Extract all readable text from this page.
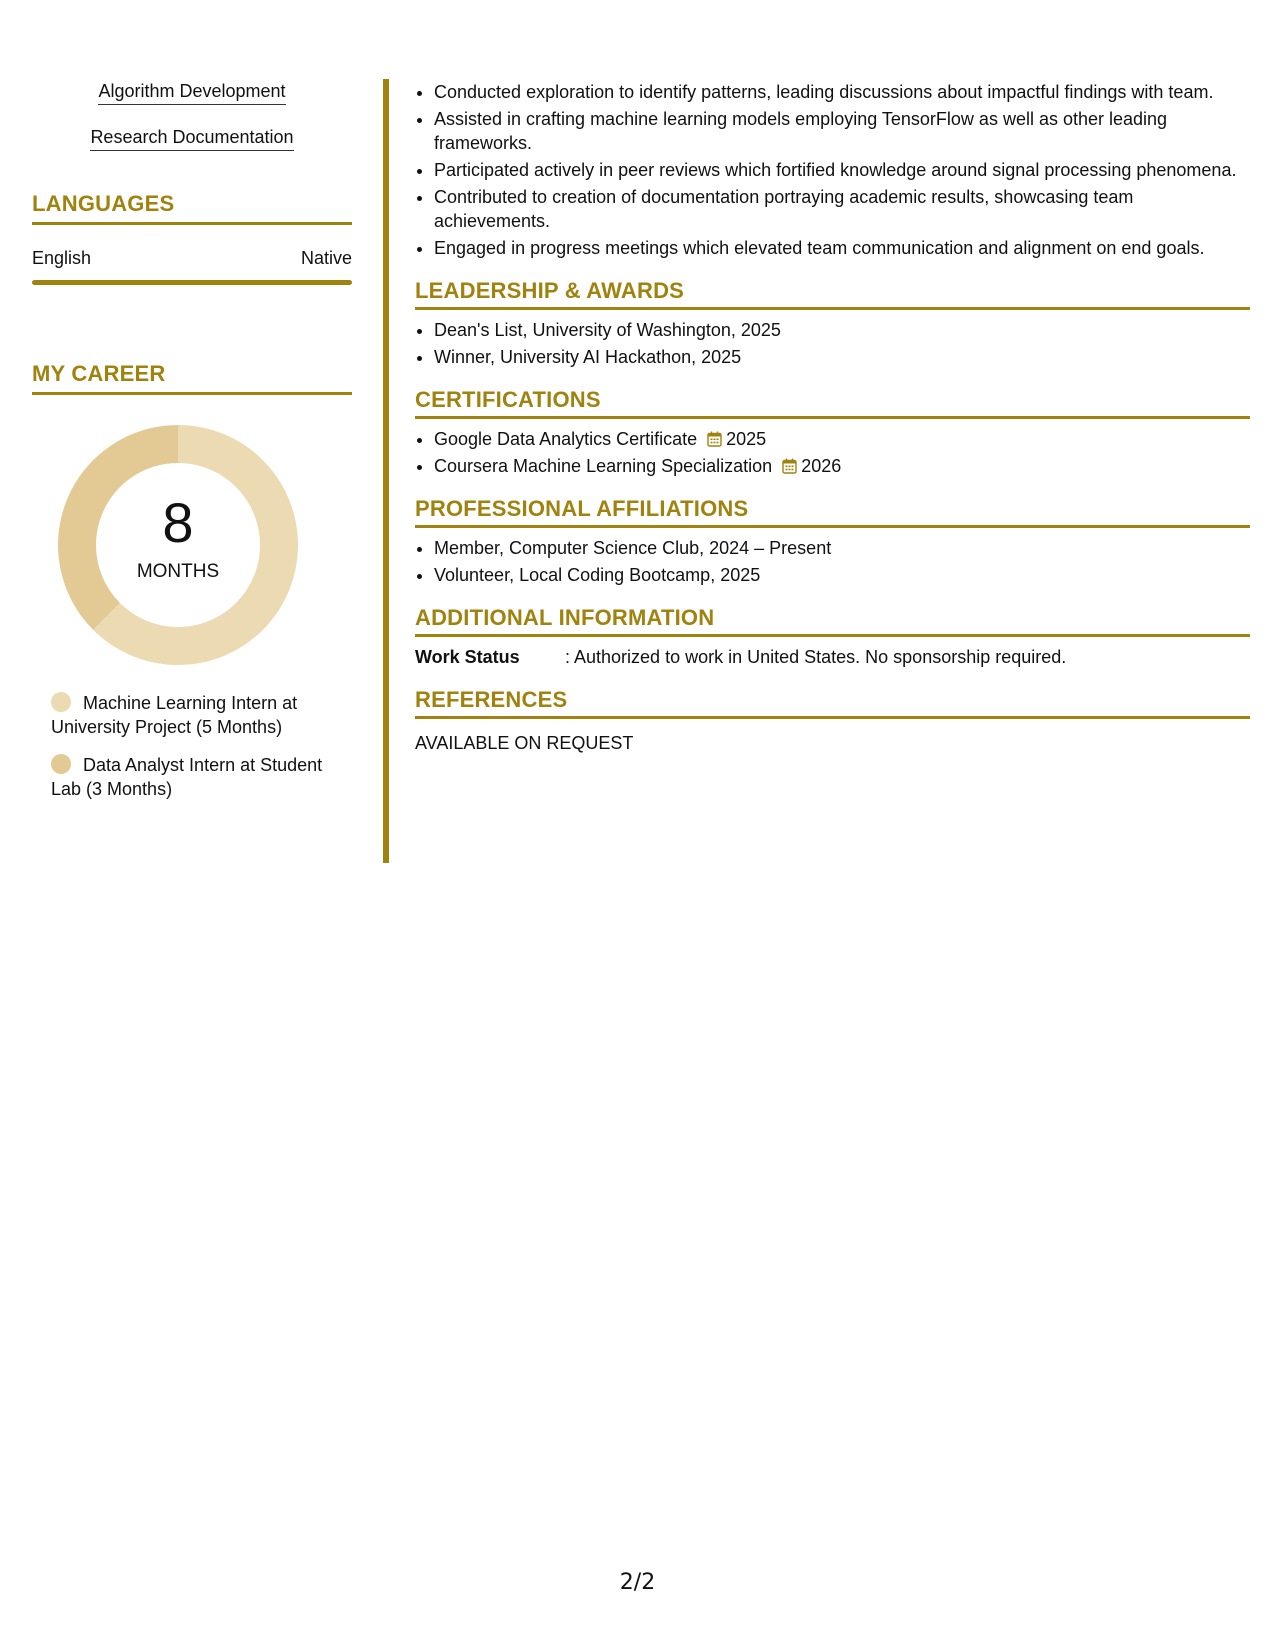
Algorithm Development
Research Documentation
LANGUAGES
English	Native
MY CAREER
8
MONTHS
Machine Learning Intern at University Project (5 Months)
Data Analyst Intern at Student Lab (3 Months)
• Conducted exploration to identify patterns, leading discussions about impactful findings with team.
• Assisted in crafting machine learning models employing TensorFlow as well as other leading frameworks.
• Participated actively in peer reviews which fortified knowledge around signal processing phenomena.
• Contributed to creation of documentation portraying academic results, showcasing team achievements.
• Engaged in progress meetings which elevated team communication and alignment on end goals.
LEADERSHIP & AWARDS
• Dean's List, University of Washington, 2025
• Winner, University AI Hackathon, 2025
CERTIFICATIONS
• Google Data Analytics Certificate 2025
• Coursera Machine Learning Specialization 2026
PROFESSIONAL AFFILIATIONS
• Member, Computer Science Club, 2024 – Present
• Volunteer, Local Coding Bootcamp, 2025
ADDITIONAL INFORMATION
Work Status	: Authorized to work in United States. No sponsorship required.
REFERENCES
AVAILABLE ON REQUEST
2/2
